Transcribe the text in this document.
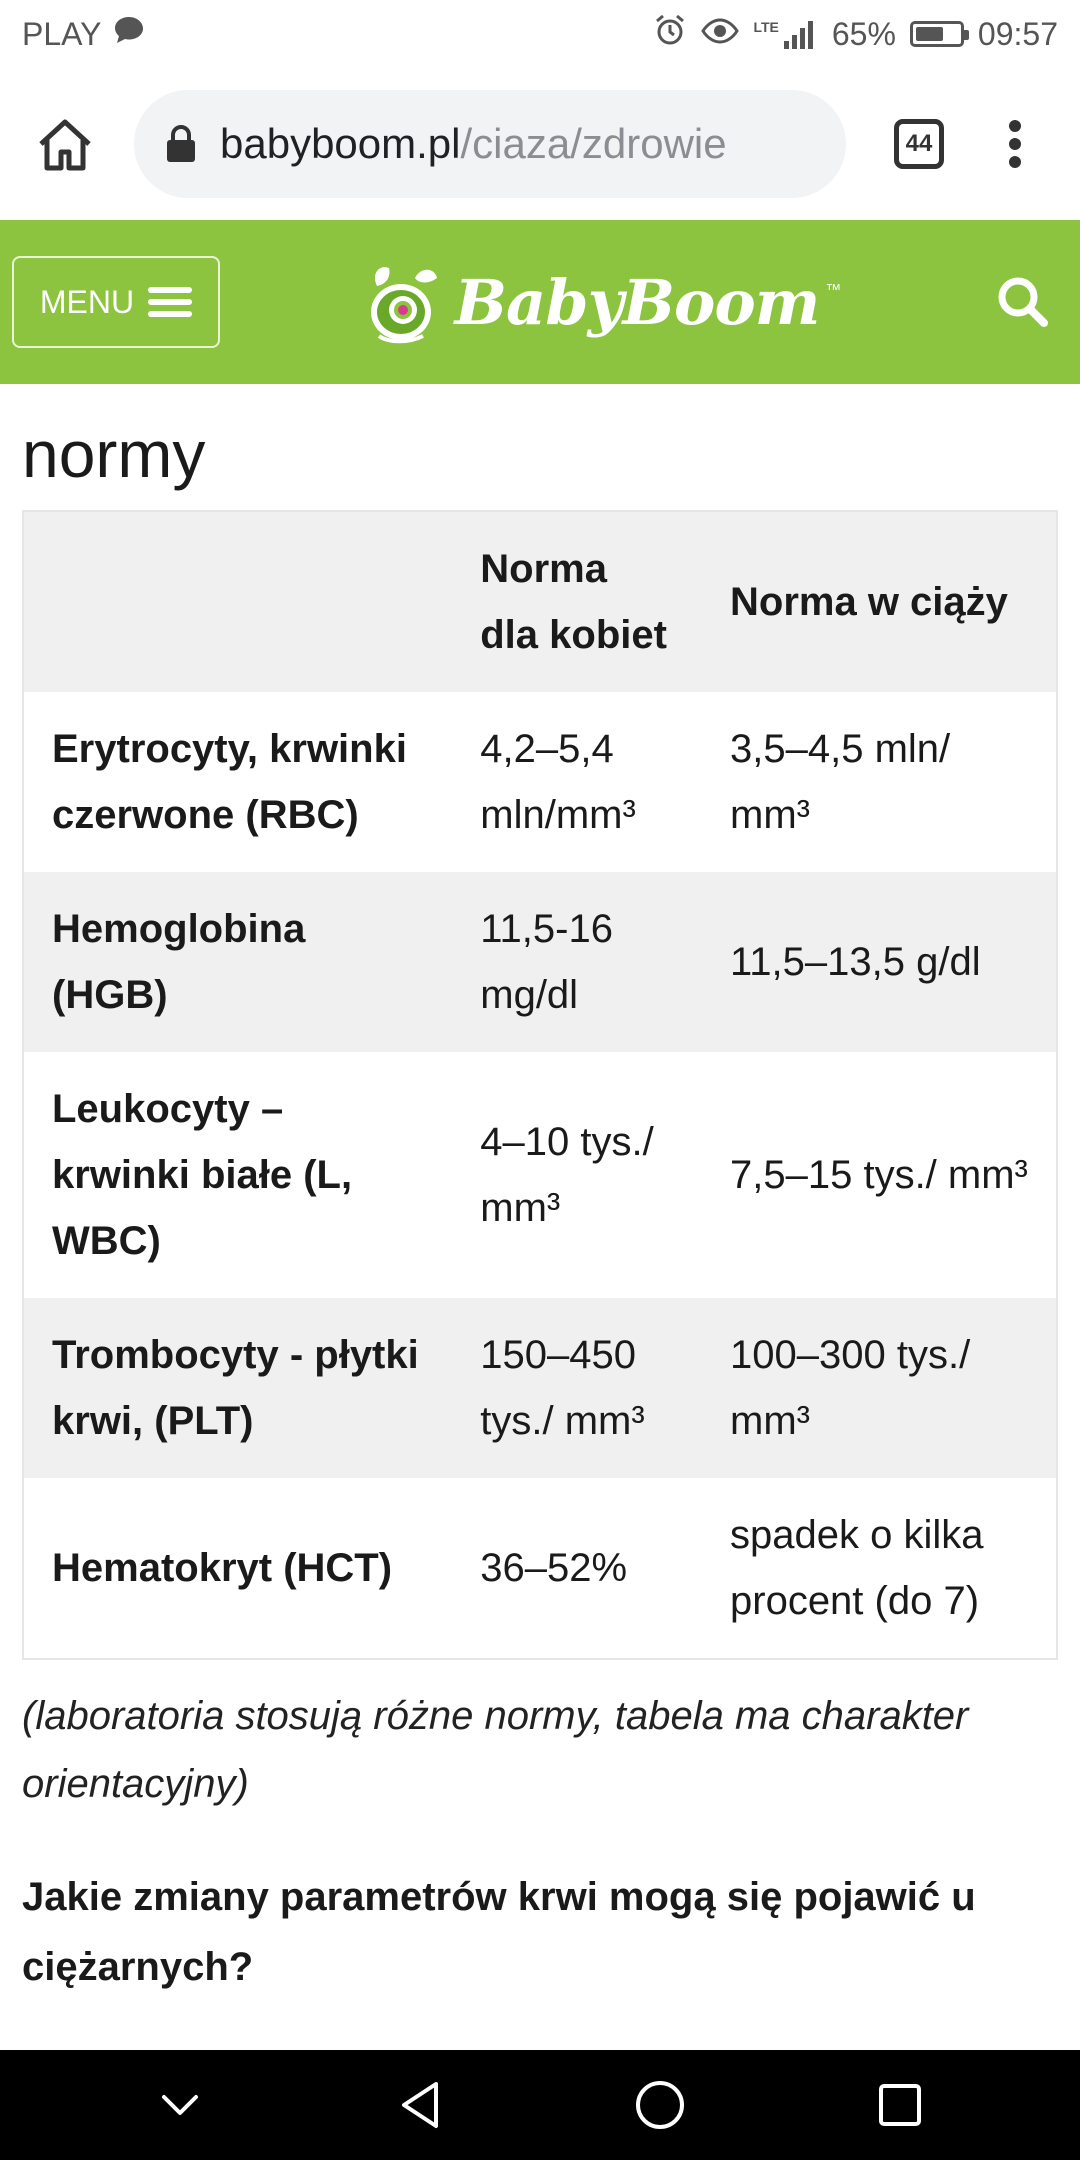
PLAY	LTE 65%	09:57
babyboom.pl /ciaza/zdrowie	44
MENU	BabyBoom ™
normy
	Norma dla kobiet	Norma w ciąży
Erytrocyty, krwinki czerwone (RBC)	4,2–5,4 mln/mm³	3,5–4,5 mln/ mm³
Hemoglobina (HGB)	11,5-16 mg/dl	11,5–13,5 g/dl
Leukocyty – krwinki białe (L, WBC)	4–10 tys./ mm³	7,5–15 tys./ mm³
Trombocyty - płytki krwi, (PLT)	150–450 tys./ mm³	100–300 tys./ mm³
Hematokryt (HCT)	36–52%	spadek o kilka procent (do 7)

(laboratoria stosują różne normy, tabela ma charakter orientacyjny)

Jakie zmiany parametrów krwi mogą się pojawić u ciężarnych?
